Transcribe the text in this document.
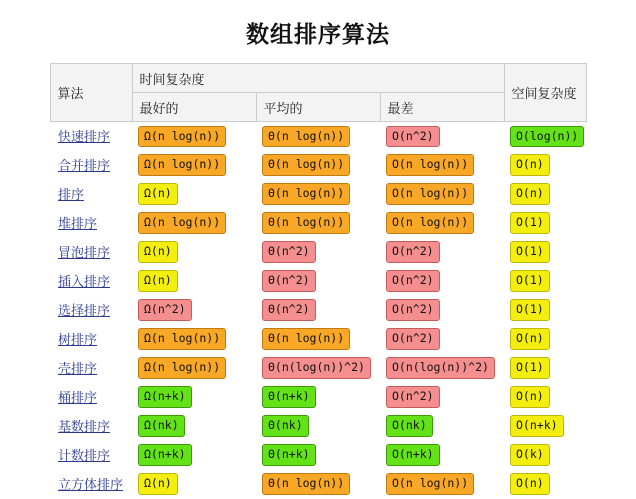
数组排序算法
算法	时间复杂度			空间复杂度
	最好的	平均的	最差	
快速排序	Ω(n log(n))	Θ(n log(n))	O(n^2)	O(log(n))
合并排序	Ω(n log(n))	Θ(n log(n))	O(n log(n))	O(n)
排序	Ω(n)	Θ(n log(n))	O(n log(n))	O(n)
堆排序	Ω(n log(n))	Θ(n log(n))	O(n log(n))	O(1)
冒泡排序	Ω(n)	Θ(n^2)	O(n^2)	O(1)
插入排序	Ω(n)	Θ(n^2)	O(n^2)	O(1)
选择排序	Ω(n^2)	Θ(n^2)	O(n^2)	O(1)
树排序	Ω(n log(n))	Θ(n log(n))	O(n^2)	O(n)
壳排序	Ω(n log(n))	Θ(n(log(n))^2)	O(n(log(n))^2)	O(1)
桶排序	Ω(n+k)	Θ(n+k)	O(n^2)	O(n)
基数排序	Ω(nk)	Θ(nk)	O(nk)	O(n+k)
计数排序	Ω(n+k)	Θ(n+k)	O(n+k)	O(k)
立方体排序	Ω(n)	Θ(n log(n))	O(n log(n))	O(n)
